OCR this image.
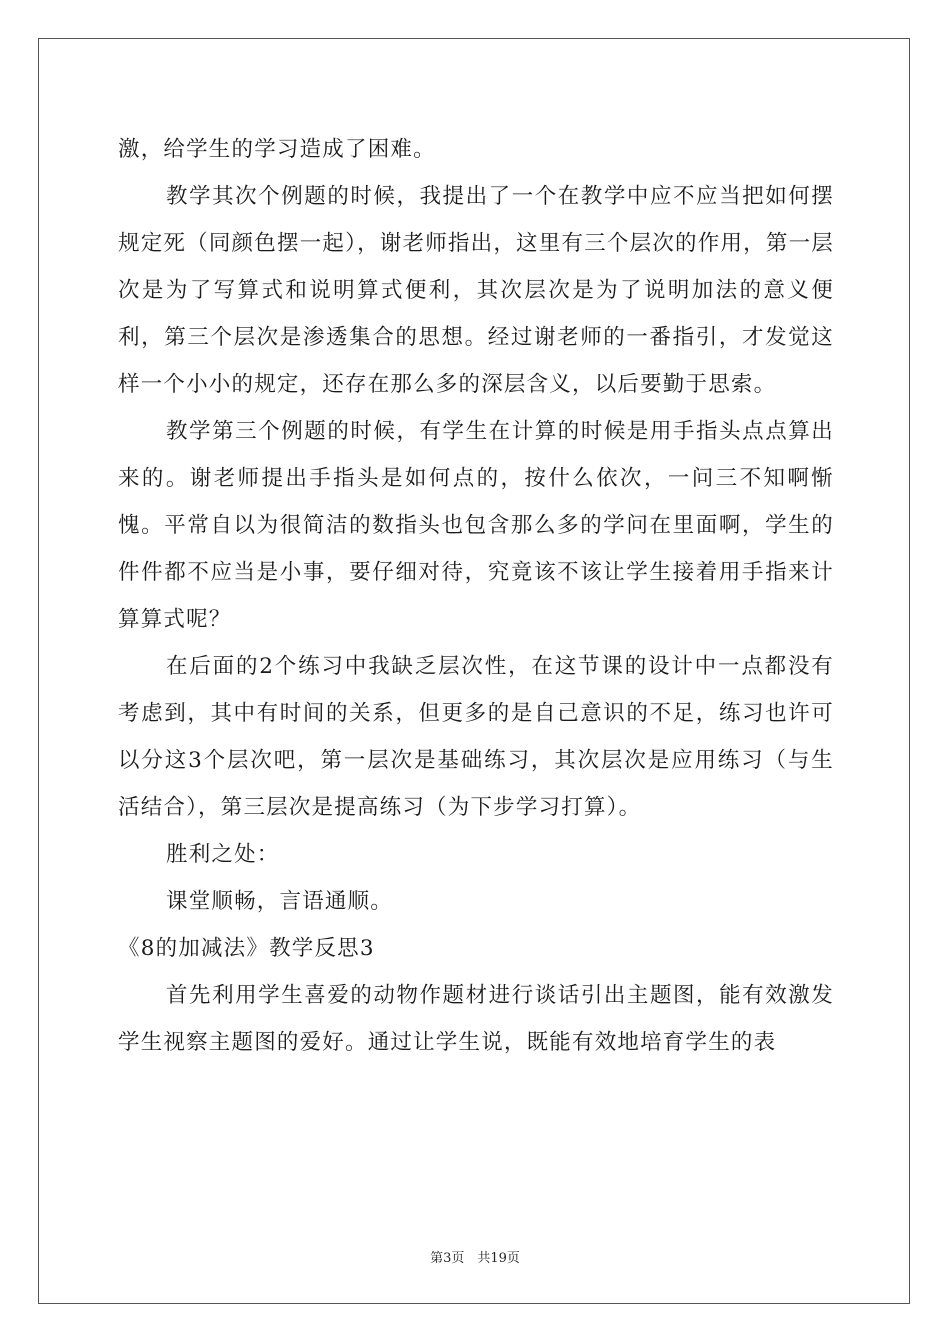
激，给学生的学习造成了困难。

教学其次个例题的时候，我提出了一个在教学中应不应当把如何摆规定死（同颜色摆一起），谢老师指出，这里有三个层次的作用，第一层次是为了写算式和说明算式便利，其次层次是为了说明加法的意义便利，第三个层次是渗透集合的思想。经过谢老师的一番指引，才发觉这样一个小小的规定，还存在那么多的深层含义，以后要勤于思索。

教学第三个例题的时候，有学生在计算的时候是用手指头点点算出来的。谢老师提出手指头是如何点的，按什么依次，一问三不知啊惭愧。平常自以为很简洁的数指头也包含那么多的学问在里面啊，学生的件件都不应当是小事，要仔细对待，究竟该不该让学生接着用手指来计算算式呢？

在后面的2个练习中我缺乏层次性，在这节课的设计中一点都没有考虑到，其中有时间的关系，但更多的是自己意识的不足，练习也许可以分这3个层次吧，第一层次是基础练习，其次层次是应用练习（与生活结合），第三层次是提高练习（为下步学习打算）。

胜利之处：

课堂顺畅，言语通顺。

《8的加减法》教学反思3

首先利用学生喜爱的动物作题材进行谈话引出主题图，能有效激发学生视察主题图的爱好。通过让学生说，既能有效地培育学生的表

第3页　共19页
